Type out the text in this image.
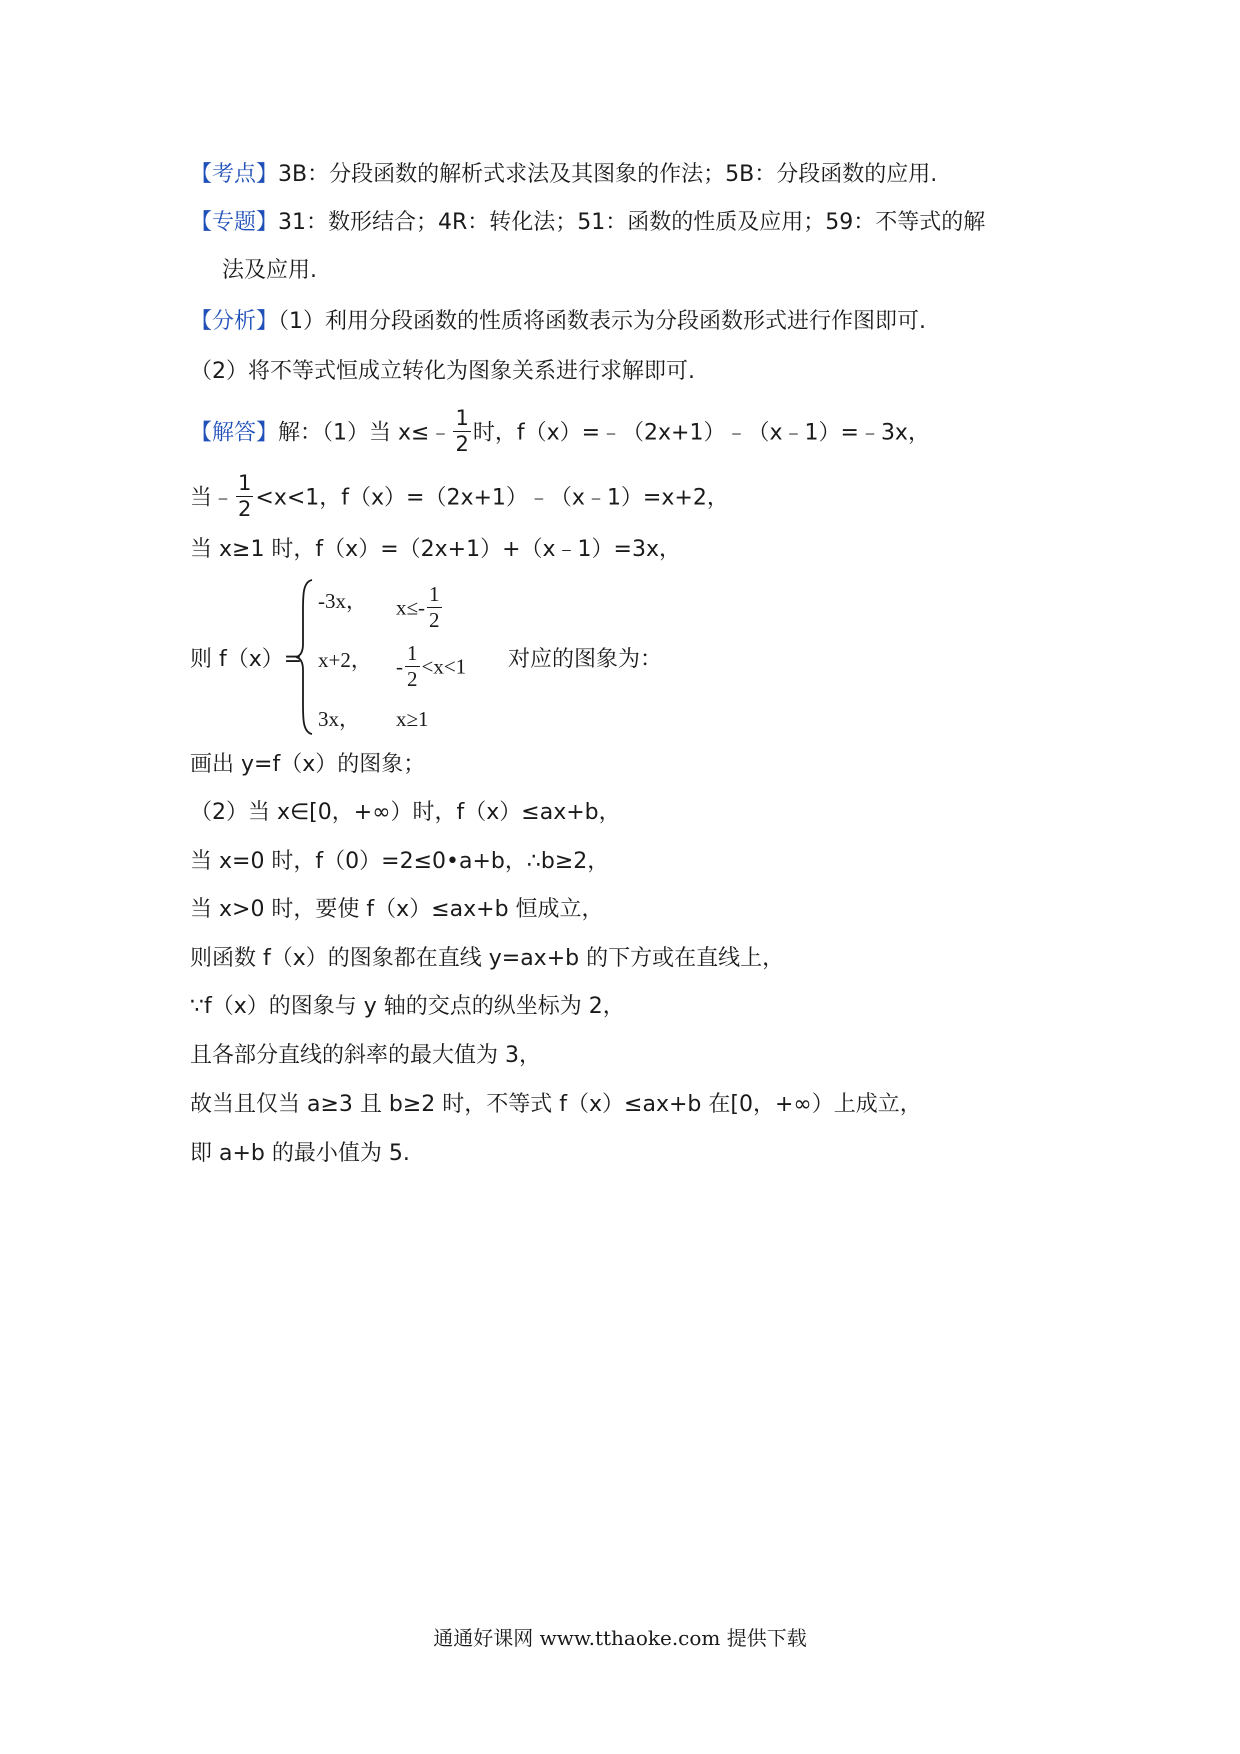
【考点】3B：分段函数的解析式求法及其图象的作法；5B：分段函数的应用.
【专题】31：数形结合；4R：转化法；51：函数的性质及应用；59：不等式的解
法及应用.
【分析】（1）利用分段函数的性质将函数表示为分段函数形式进行作图即可.
（2）将不等式恒成立转化为图象关系进行求解即可.
【解答】解：（1）当 x≤﹣ $\frac{1}{2}$ 时，f（x）=﹣（2x+1）﹣（x﹣1）=﹣3x，
当﹣ $\frac{1}{2} <x<1$，f（x）=（2x+1）﹣（x﹣1）=x+2，
当 x≥1 时，f（x）=（2x+1）+（x﹣1）=3x，
则 f（x）=
-3x， $x\le- \frac{1}{2}$
x+2， - $\frac{1}{2} <x<1$
3x， x≥1
对应的图象为：
画出 y=f（x）的图象；
（2）当 x∈[0，+∞）时，f（x）≤ax+b，
当 x=0 时，f（0）=2≤0•a+b，∴b≥2，
当 x>0 时，要使 f（x）≤ax+b 恒成立，
则函数 f（x）的图象都在直线 y=ax+b 的下方或在直线上，
∵f（x）的图象与 y 轴的交点的纵坐标为 2，
且各部分直线的斜率的最大值为 3，
故当且仅当 a≥3 且 b≥2 时，不等式 f（x）≤ax+b 在[0，+∞）上成立，
即 a+b 的最小值为 5.
通通好课网 www.tthaoke.com 提供下载
